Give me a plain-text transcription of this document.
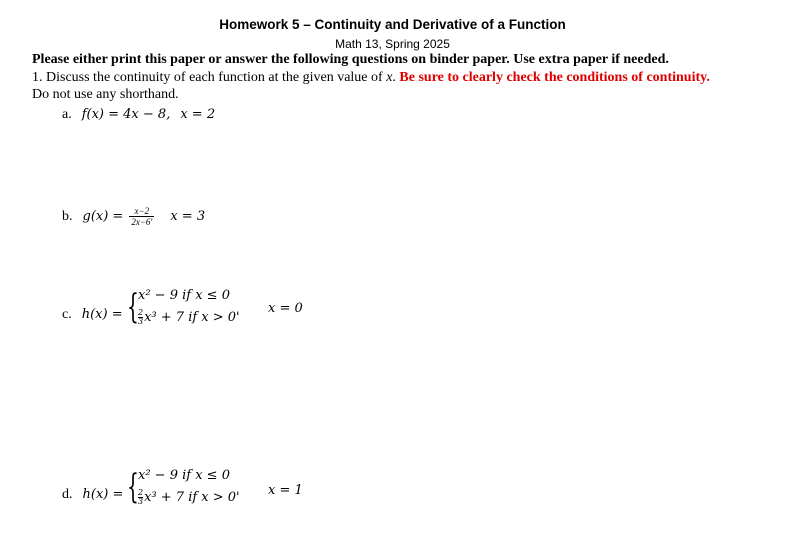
Homework 5 – Continuity and Derivative of a Function
Math 13, Spring 2025
Please either print this paper or answer the following questions on binder paper. Use extra paper if needed.
1. Discuss the continuity of each function at the given value of x. Be sure to clearly check the conditions of continuity.
Do not use any shorthand.
a. f(x) = 4x − 8, x = 2
b. $g(x) = \frac{x-2}{2x-6'}$ x = 3
c. h(x) = { x² − 9 if x ≤ 0
$\frac{2}{3}x^3 + 7$ if x > 0'
x = 0
d. h(x) = { x² − 9 if x ≤ 0
$\frac{2}{3}x^3 + 7$ if x > 0' x = 1
